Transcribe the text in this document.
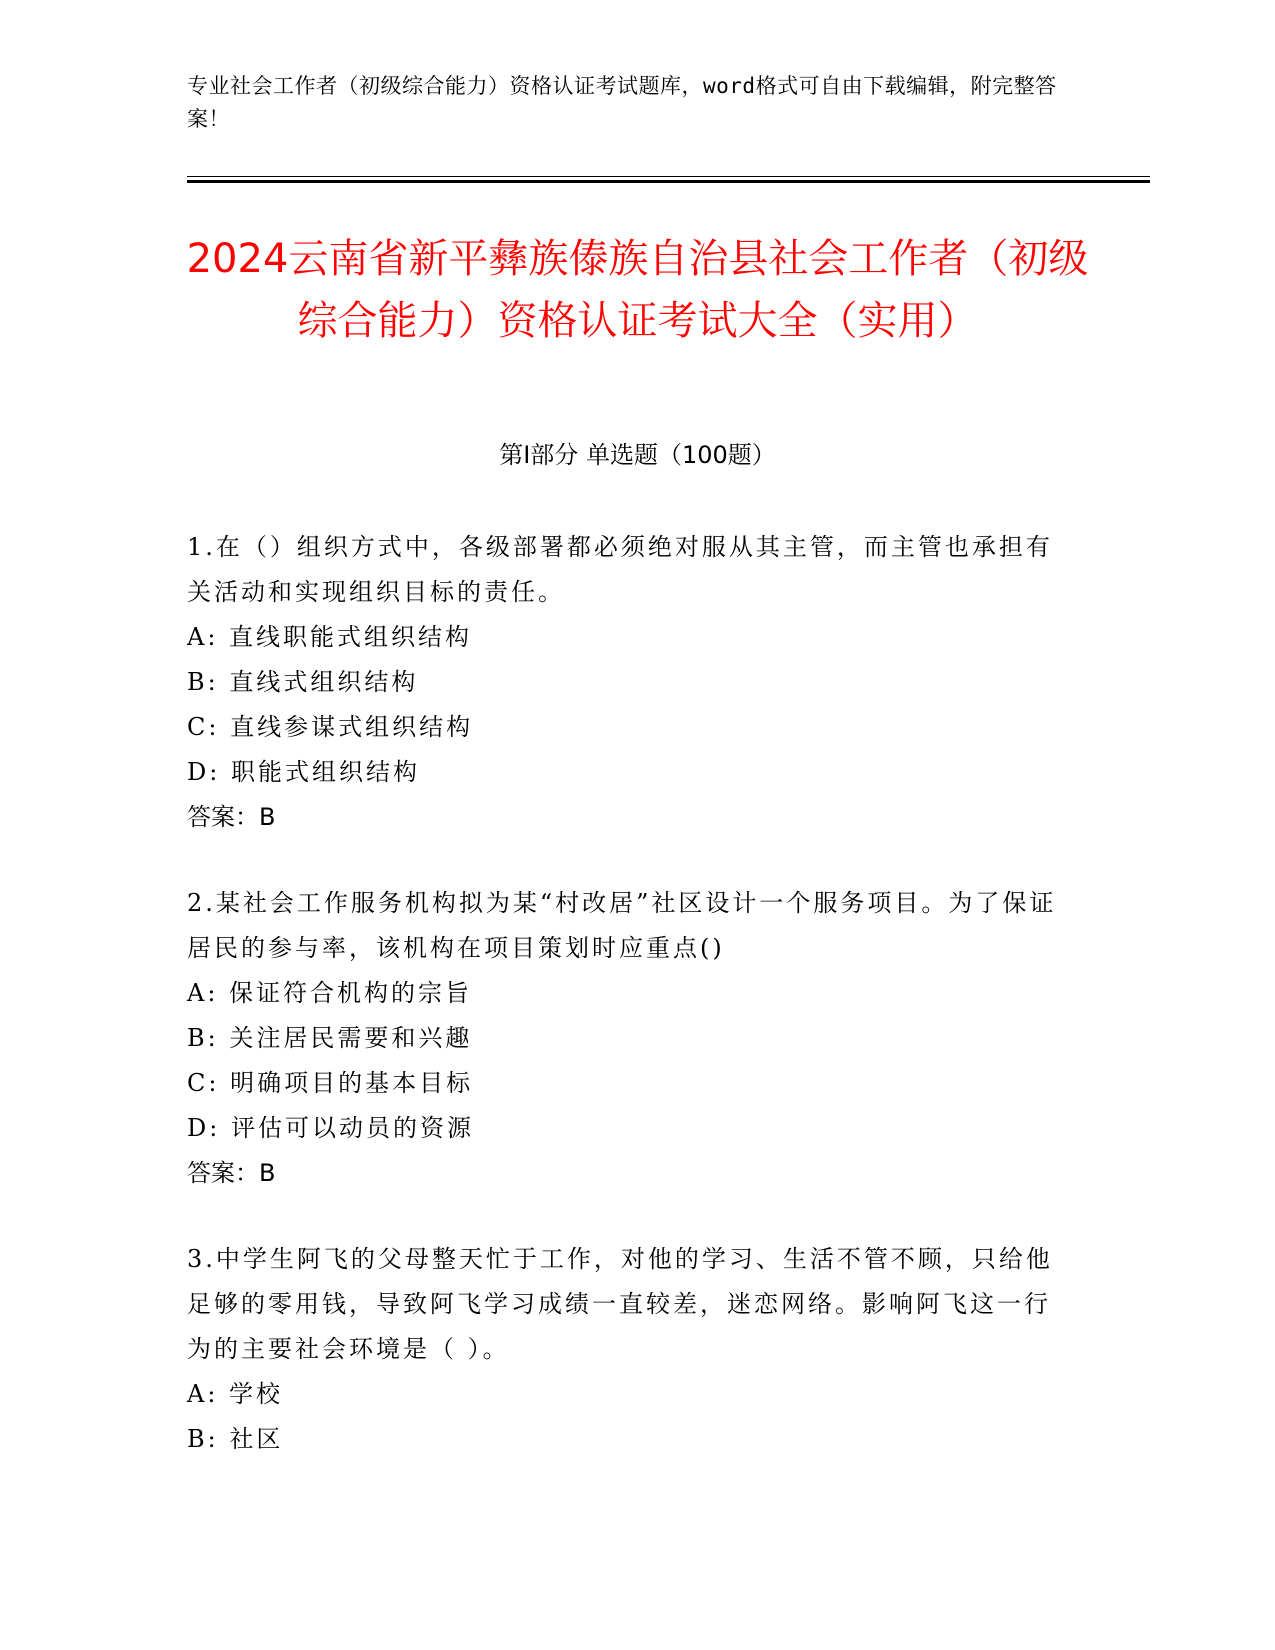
专业社会工作者（初级综合能力）资格认证考试题库，word格式可自由下载编辑，附完整答案！
2024云南省新平彝族傣族自治县社会工作者（初级综合能力）资格认证考试大全（实用）
第Ⅰ部分 单选题（100题）
1.在（）组织方式中，各级部署都必须绝对服从其主管，而主管也承担有关活动和实现组织目标的责任。
A: 直线职能式组织结构
B: 直线式组织结构
C: 直线参谋式组织结构
D: 职能式组织结构
答案：B
2.某社会工作服务机构拟为某“村改居”社区设计一个服务项目。为了保证居民的参与率，该机构在项目策划时应重点()
A: 保证符合机构的宗旨
B: 关注居民需要和兴趣
C: 明确项目的基本目标
D: 评估可以动员的资源
答案：B
3.中学生阿飞的父母整天忙于工作，对他的学习、生活不管不顾，只给他足够的零用钱，导致阿飞学习成绩一直较差，迷恋网络。影响阿飞这一行为的主要社会环境是（ ）。
A: 学校
B: 社区
